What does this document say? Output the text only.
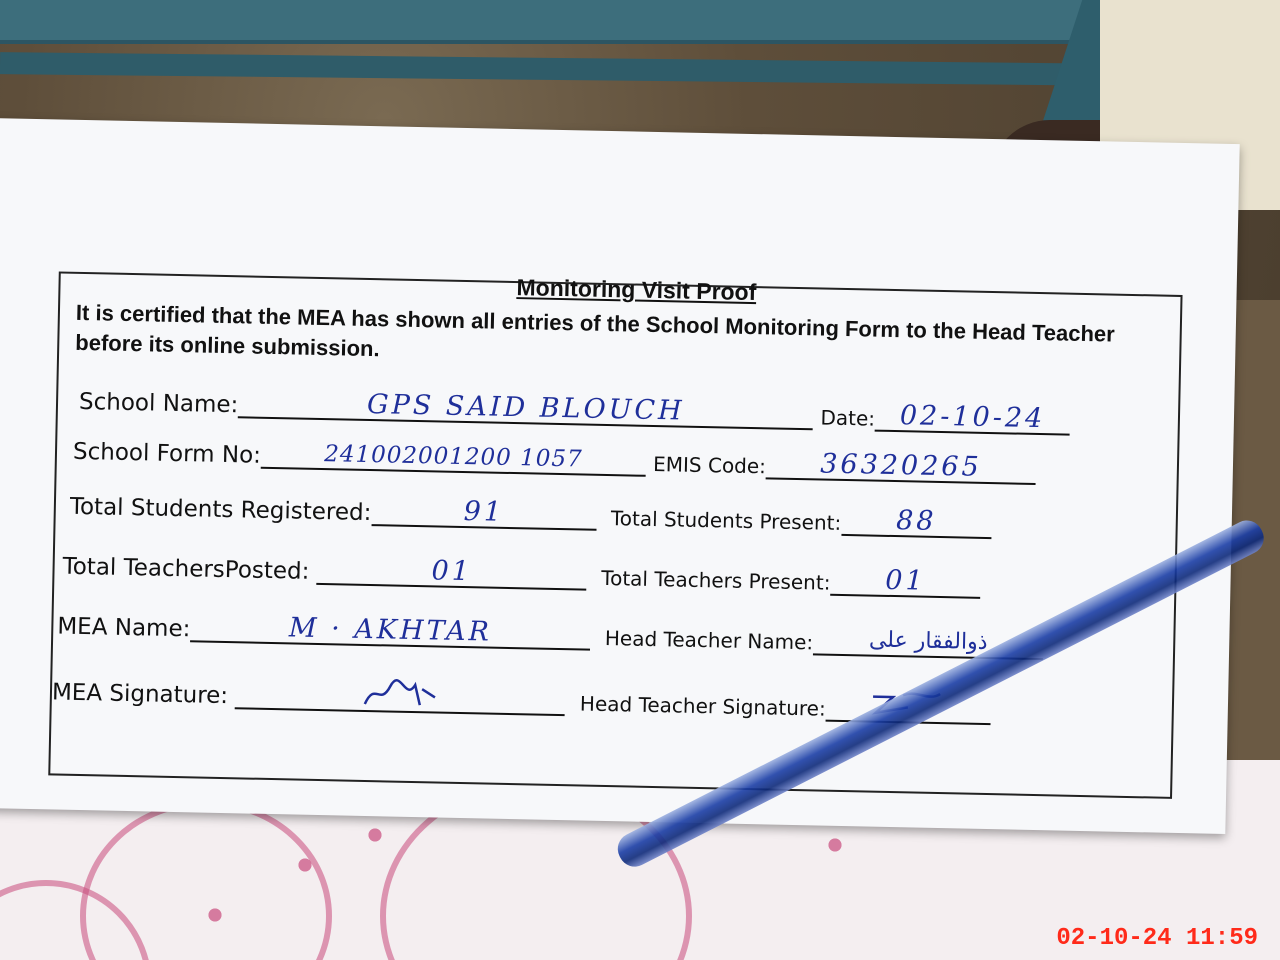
Monitoring Visit Proof
It is certified that the MEA has shown all entries of the School Monitoring Form to the Head Teacher before its online submission.
School Name:	GPS SAID BLOUCH	Date: 02-10-24
School Form No:	241002001200 1057	EMIS Code: 36320265
Total Students Registered:	91	Total Students Present: 88
Total TeachersPosted:	01	Total Teachers Present: 01
MEA Name:	M · AKHTAR	Head Teacher Name:	ذوالفقار علی
MEA Signature:	Head Teacher Signature:
02-10-24 11:59
